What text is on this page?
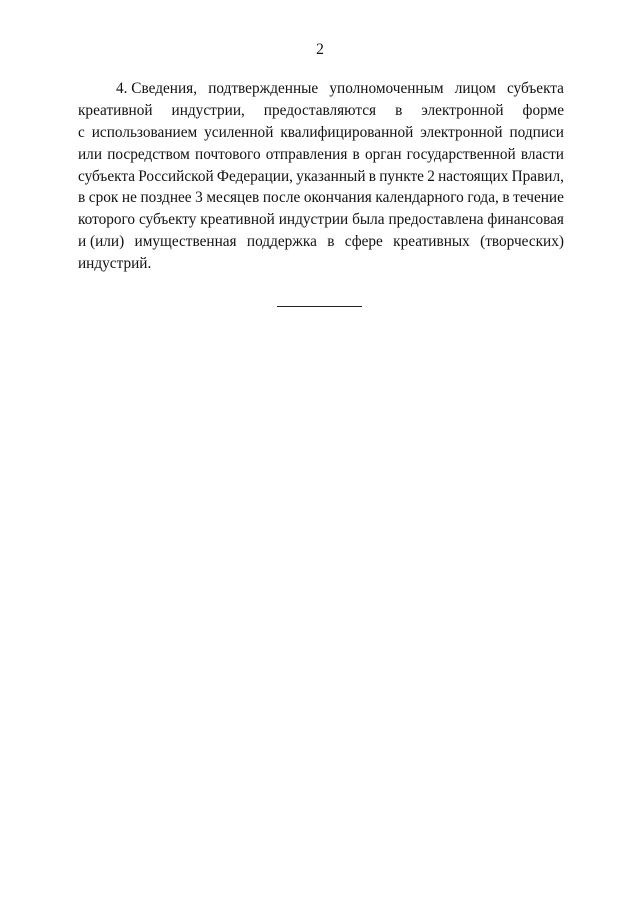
2
4. Сведения, подтвержденные уполномоченным лицом субъекта
креативной индустрии, предоставляются в электронной форме
с использованием усиленной квалифицированной электронной подписи
или посредством почтового отправления в орган государственной власти
субъекта Российской Федерации, указанный в пункте 2 настоящих Правил,
в срок не позднее 3 месяцев после окончания календарного года, в течение
которого субъекту креативной индустрии была предоставлена финансовая
и (или) имущественная поддержка в сфере креативных (творческих)
индустрий.
